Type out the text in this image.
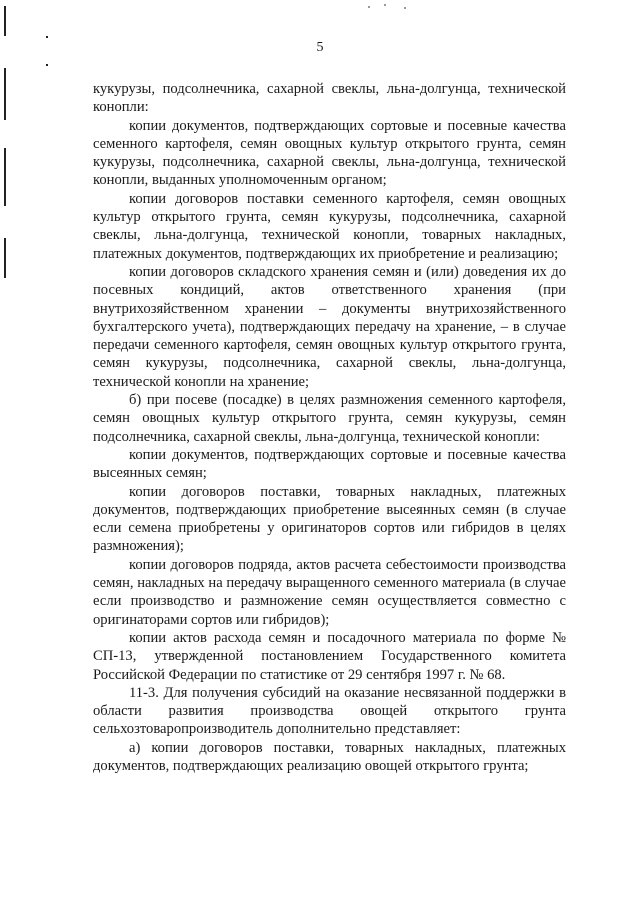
5

кукурузы, подсолнечника, сахарной свеклы, льна-долгунца, технической конопли:

копии документов, подтверждающих сортовые и посевные качества семенного картофеля, семян овощных культур открытого грунта, семян кукурузы, подсолнечника, сахарной свеклы, льна-долгунца, технической конопли, выданных уполномоченным органом;

копии договоров поставки семенного картофеля, семян овощных культур открытого грунта, семян кукурузы, подсолнечника, сахарной свеклы, льна-долгунца, технической конопли, товарных накладных, платежных документов, подтверждающих их приобретение и реализацию;

копии договоров складского хранения семян и (или) доведения их до посевных кондиций, актов ответственного хранения (при внутрихозяйственном хранении – документы внутрихозяйственного бухгалтерского учета), подтверждающих передачу на хранение, – в случае передачи семенного картофеля, семян овощных культур открытого грунта, семян кукурузы, подсолнечника, сахарной свеклы, льна-долгунца, технической конопли на хранение;

б) при посеве (посадке) в целях размножения семенного картофеля, семян овощных культур открытого грунта, семян кукурузы, семян подсолнечника, сахарной свеклы, льна-долгунца, технической конопли:

копии документов, подтверждающих сортовые и посевные качества высеянных семян;

копии договоров поставки, товарных накладных, платежных документов, подтверждающих приобретение высеянных семян (в случае если семена приобретены у оригинаторов сортов или гибридов в целях размножения);

копии договоров подряда, актов расчета себестоимости производства семян, накладных на передачу выращенного семенного материала (в случае если производство и размножение семян осуществляется совместно с оригинаторами сортов или гибридов);

копии актов расхода семян и посадочного материала по форме № СП-13, утвержденной постановлением Государственного комитета Российской Федерации по статистике от 29 сентября 1997 г. № 68.

11-3. Для получения субсидий на оказание несвязанной поддержки в области развития производства овощей открытого грунта сельхозтоваропроизводитель дополнительно представляет:

а) копии договоров поставки, товарных накладных, платежных документов, подтверждающих реализацию овощей открытого грунта;
